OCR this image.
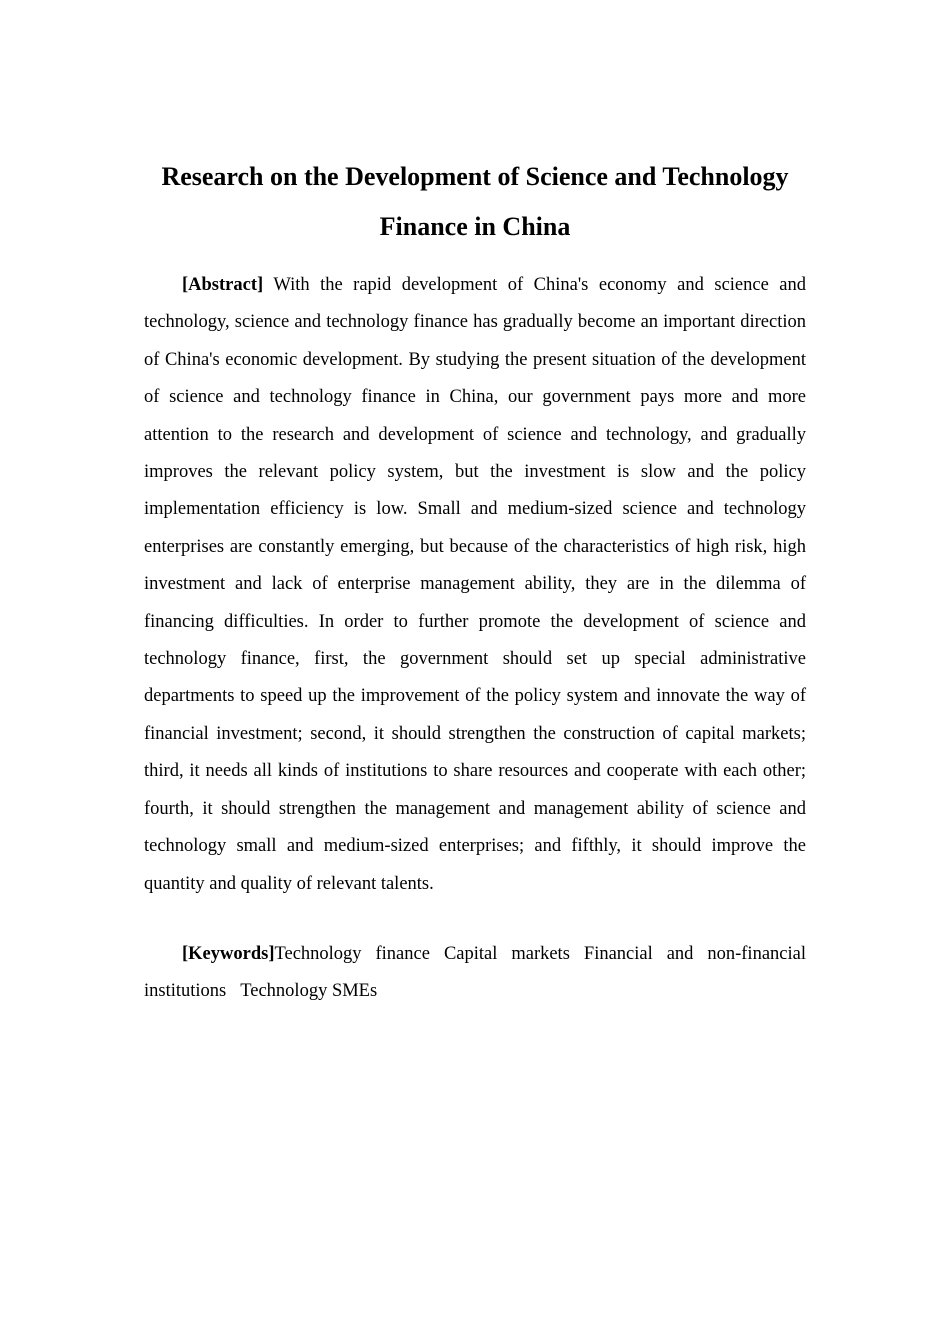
Research on the Development of Science and Technology
Finance in China

[Abstract] With the rapid development of China's economy and science and technology, science and technology finance has gradually become an important direction of China's economic development. By studying the present situation of the development of science and technology finance in China, our government pays more and more attention to the research and development of science and technology, and gradually improves the relevant policy system, but the investment is slow and the policy implementation efficiency is low. Small and medium-sized science and technology enterprises are constantly emerging, but because of the characteristics of high risk, high investment and lack of enterprise management ability, they are in the dilemma of financing difficulties. In order to further promote the development of science and technology finance, first, the government should set up special administrative departments to speed up the improvement of the policy system and innovate the way of financial investment; second, it should strengthen the construction of capital markets; third, it needs all kinds of institutions to share resources and cooperate with each other; fourth, it should strengthen the management and management ability of science and technology small and medium-sized enterprises; and fifthly, it should improve the quantity and quality of relevant talents.

[Keywords]Technology finance Capital markets Financial and non-financial institutions Technology SMEs
